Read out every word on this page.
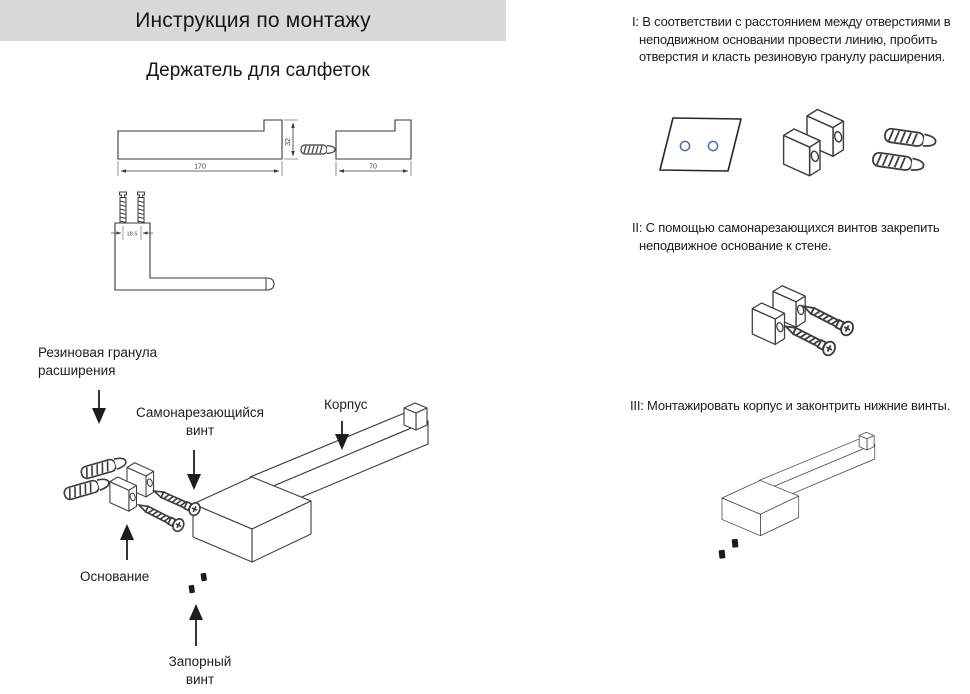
170
32
70
18.5
Инструкция по монтажу
Держатель для салфеток

I: В соответствии с расстоянием между отверстиями в неподвижном основании провести линию, пробить отверстия и класть резиновую гранулу расширения.

II: С помощью самонарезающихся винтов закрепить неподвижное основание к стене.

III: Монтажировать корпус и законтрить нижние винты.

Резиновая гранула расширения
Самонарезающийся винт
Корпус
Основание
Запорный винт
